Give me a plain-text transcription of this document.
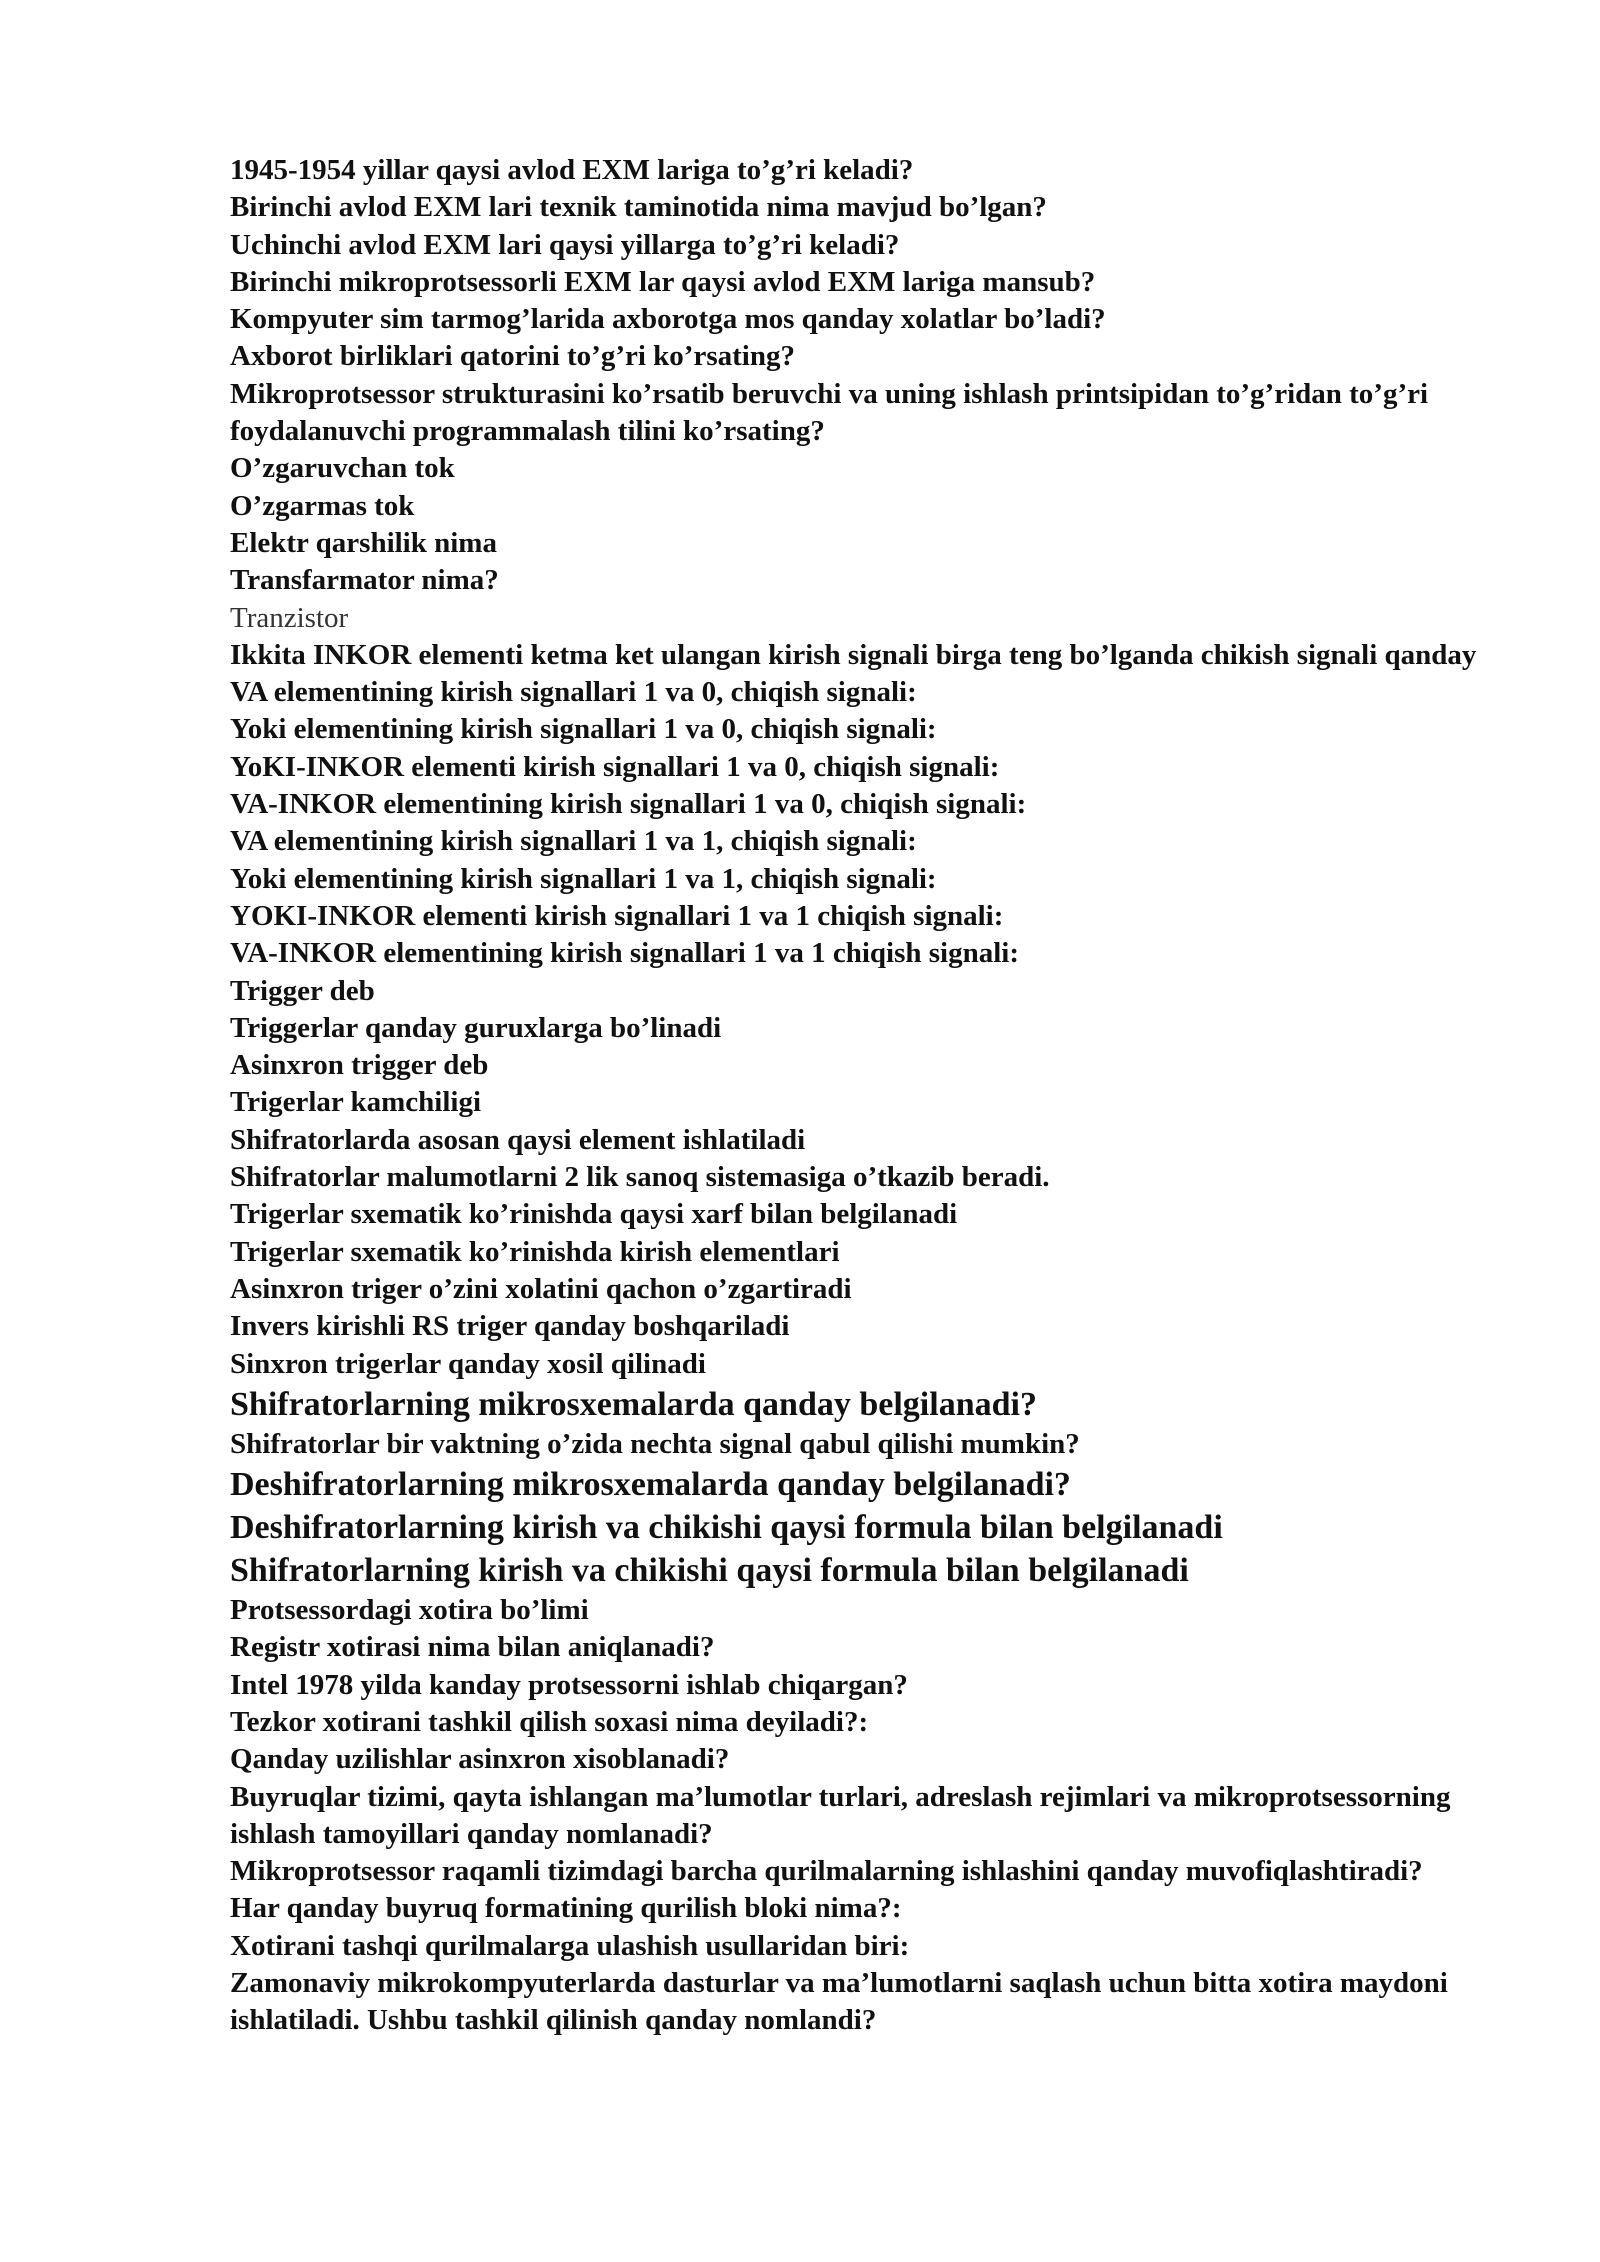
1945-1954 yillar qaysi avlod EXM lariga to’g’ri keladi?
Birinchi avlod EXM lari texnik taminotida nima mavjud bo’lgan?
Uchinchi avlod EXM lari qaysi yillarga to’g’ri keladi?
Birinchi mikroprotsessorli EXM lar qaysi avlod EXM lariga mansub?
Kompyuter sim tarmog’larida axborotga mos qanday xolatlar bo’ladi?
Axborot birliklari qatorini to’g’ri ko’rsating?
Mikroprotsessor strukturasini ko’rsatib beruvchi va uning ishlash printsipidan to’g’ridan to’g’ri foydalanuvchi programmalash tilini ko’rsating?
O’zgaruvchan tok
O’zgarmas tok
Elektr qarshilik nima
Transfarmator nima?
Tranzistor
Ikkita INKOR elementi ketma ket ulangan kirish signali birga teng bo’lganda chikish signali qanday
VA elementining kirish signallari 1 va 0, chiqish signali:
Yoki elementining kirish signallari 1 va 0, chiqish signali:
YoKI-INKOR elementi kirish signallari 1 va 0, chiqish signali:
VA-INKOR elementining kirish signallari 1 va 0, chiqish signali:
VA elementining kirish signallari 1 va 1, chiqish signali:
Yoki elementining kirish signallari 1 va 1, chiqish signali:
YOKI-INKOR elementi kirish signallari 1 va 1 chiqish signali:
VA-INKOR elementining kirish signallari 1 va 1 chiqish signali:
Trigger deb
Triggerlar qanday guruxlarga bo’linadi
Asinxron trigger deb
Trigerlar kamchiligi
Shifratorlarda asosan qaysi element ishlatiladi
Shifratorlar malumotlarni 2 lik sanoq sistemasiga o’tkazib beradi.
Trigerlar sxematik ko’rinishda qaysi xarf bilan belgilanadi
Trigerlar sxematik ko’rinishda kirish elementlari
Asinxron triger o’zini xolatini qachon o’zgartiradi
Invers kirishli RS triger qanday boshqariladi
Sinxron trigerlar qanday xosil qilinadi
Shifratorlarning mikrosxemalarda qanday belgilanadi?
Shifratorlar bir vaktning o’zida nechta signal qabul qilishi mumkin?
Deshifratorlarning mikrosxemalarda qanday belgilanadi?
Deshifratorlarning kirish va chikishi qaysi formula bilan belgilanadi
Shifratorlarning kirish va chikishi qaysi formula bilan belgilanadi
Protsessordagi xotira bo’limi
Registr xotirasi nima bilan aniqlanadi?
Intel 1978 yilda kanday protsessorni ishlab chiqargan?
Tezkor xotirani tashkil qilish soxasi nima deyiladi?:
Qanday uzilishlar asinxron xisoblanadi?
Buyruqlar tizimi, qayta ishlangan ma’lumotlar turlari, adreslash rejimlari va mikroprotsessorning ishlash tamoyillari qanday nomlanadi?
Mikroprotsessor raqamli tizimdagi barcha qurilmalarning ishlashini qanday muvofiqlashtiradi?
Har qanday buyruq formatining qurilish bloki nima?:
Xotirani tashqi qurilmalarga ulashish usullaridan biri:
Zamonaviy mikrokompyuterlarda dasturlar va ma’lumotlarni saqlash uchun bitta xotira maydoni ishlatiladi. Ushbu tashkil qilinish qanday nomlandi?
